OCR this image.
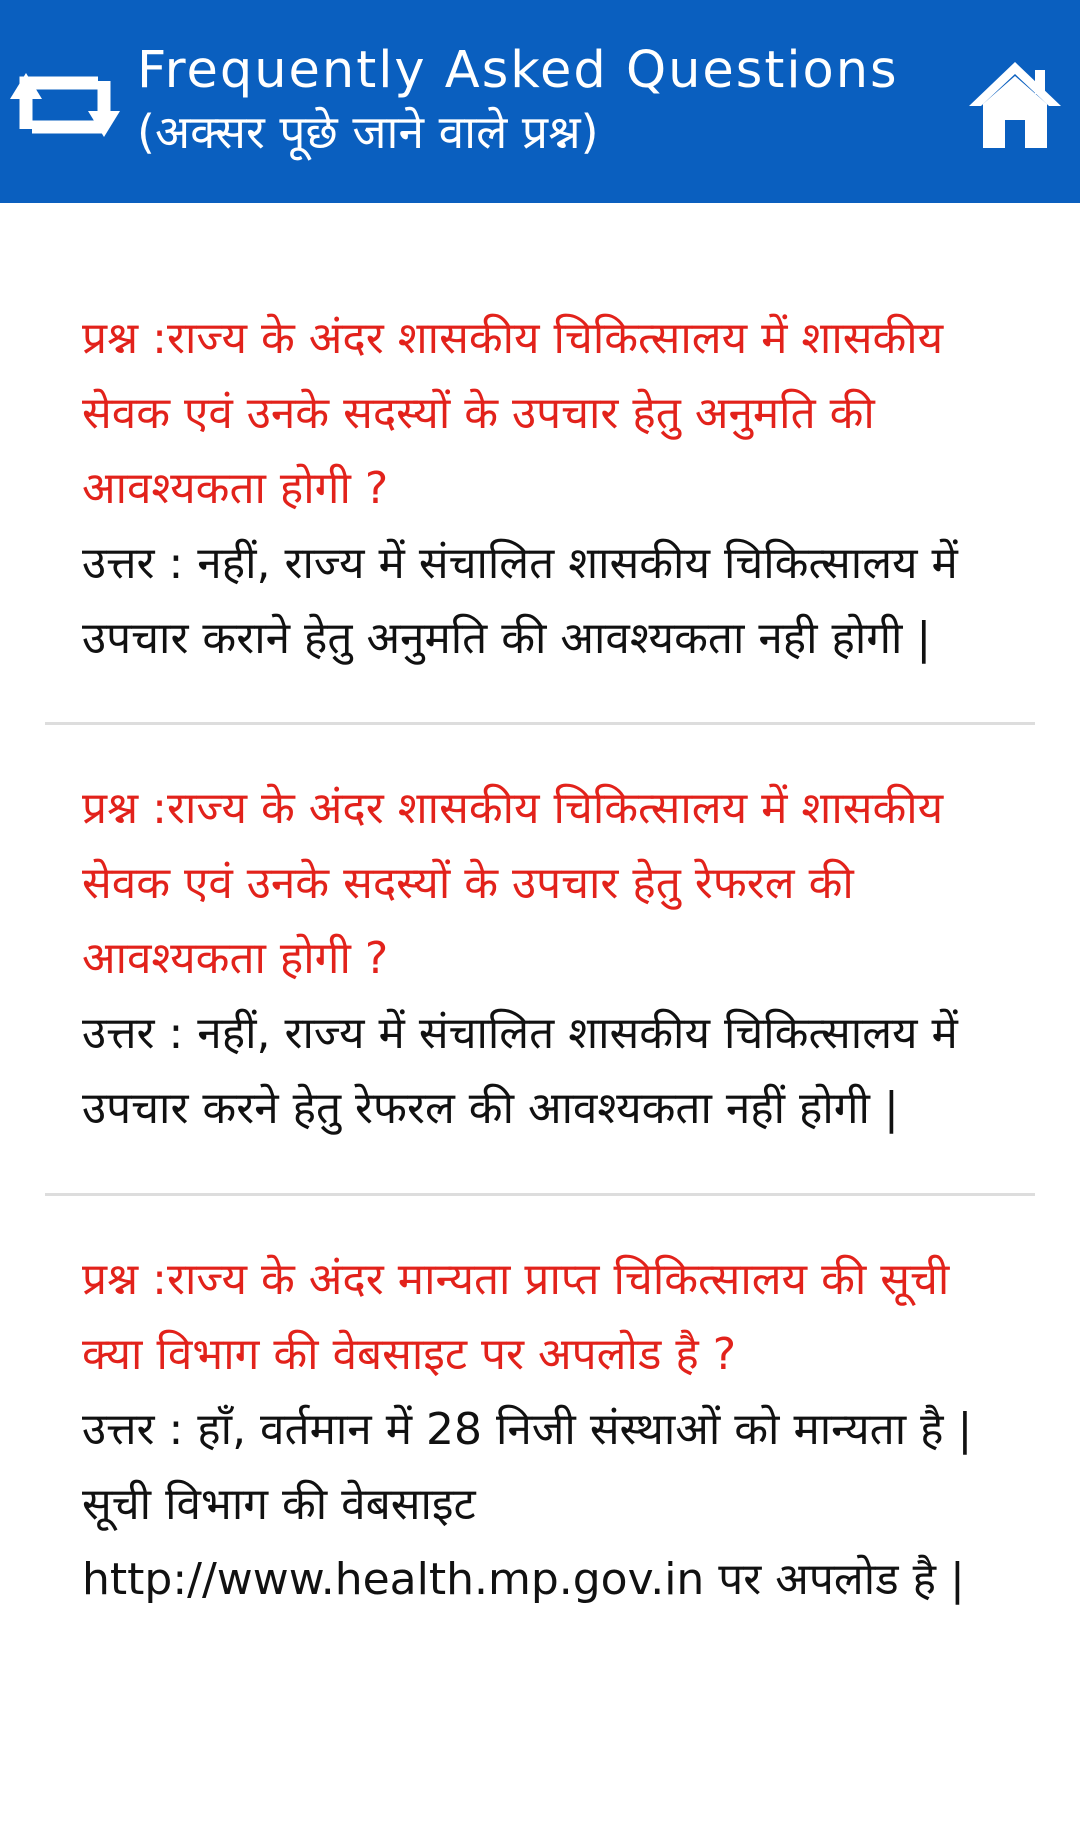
Frequently Asked Questions
(अक्सर पूछे जाने वाले प्रश्न)

प्रश्न :राज्य के अंदर शासकीय चिकित्सालय में शासकीय सेवक एवं उनके सदस्यों के उपचार हेतु अनुमति की आवश्यकता होगी ?

उत्तर : नहीं, राज्य में संचालित शासकीय चिकित्सालय में उपचार कराने हेतु अनुमति की आवश्यकता नही होगी |

प्रश्न :राज्य के अंदर शासकीय चिकित्सालय में शासकीय सेवक एवं उनके सदस्यों के उपचार हेतु रेफरल की आवश्यकता होगी ?

उत्तर : नहीं, राज्य में संचालित शासकीय चिकित्सालय में उपचार करने हेतु रेफरल की आवश्यकता नहीं होगी |

प्रश्न :राज्य के अंदर मान्यता प्राप्त चिकित्सालय की सूची क्या विभाग की वेबसाइट पर अपलोड है ?

उत्तर : हाँ, वर्तमान में 28 निजी संस्थाओं को मान्यता है | सूची विभाग की वेबसाइट http://www.health.mp.gov.in पर अपलोड है |
